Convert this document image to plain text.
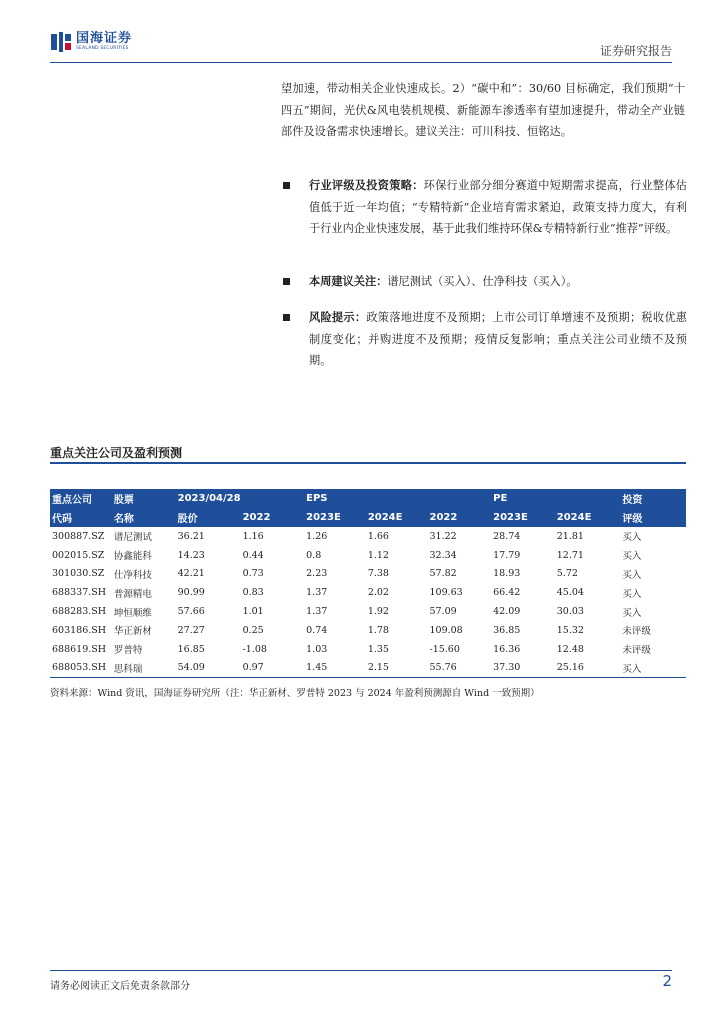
国海证券
SEALAND SECURITIES	证券研究报告
望加速，带动相关企业快速成长。2）“碳中和”：30/60 目标确定，我们预期“十四五”期间，光伏&风电装机规模、新能源车渗透率有望加速提升，带动全产业链部件及设备需求快速增长。建议关注：可川科技、恒铭达。
行业评级及投资策略：环保行业部分细分赛道中短期需求提高，行业整体估值低于近一年均值；“专精特新”企业培育需求紧迫，政策支持力度大，有利于行业内企业快速发展，基于此我们维持环保&专精特新行业“推荐”评级。
本周建议关注：谱尼测试（买入）、仕净科技（买入）。
风险提示：政策落地进度不及预期；上市公司订单增速不及预期；税收优惠制度变化；并购进度不及预期；疫情反复影响；重点关注公司业绩不及预期。
重点关注公司及盈利预测
重点公司	股票	2023/04/28		EPS			PE		投资
代码	名称	股价	2022	2023E	2024E	2022	2023E	2024E	评级
300887.SZ	谱尼测试	36.21	1.16	1.26	1.66	31.22	28.74	21.81	买入
002015.SZ	协鑫能科	14.23	0.44	0.8	1.12	32.34	17.79	12.71	买入
301030.SZ	仕净科技	42.21	0.73	2.23	7.38	57.82	18.93	5.72	买入
688337.SH	普源精电	90.99	0.83	1.37	2.02	109.63	66.42	45.04	买入
688283.SH	坤恒顺维	57.66	1.01	1.37	1.92	57.09	42.09	30.03	买入
603186.SH	华正新材	27.27	0.25	0.74	1.78	109.08	36.85	15.32	未评级
688619.SH	罗普特	16.85	-1.08	1.03	1.35	-15.60	16.36	12.48	未评级
688053.SH	思科瑞	54.09	0.97	1.45	2.15	55.76	37.30	25.16	买入
资料来源：Wind 资讯，国海证券研究所（注：华正新材、罗普特 2023 与 2024 年盈利预测源自 Wind 一致预期）
请务必阅读正文后免责条款部分	2
